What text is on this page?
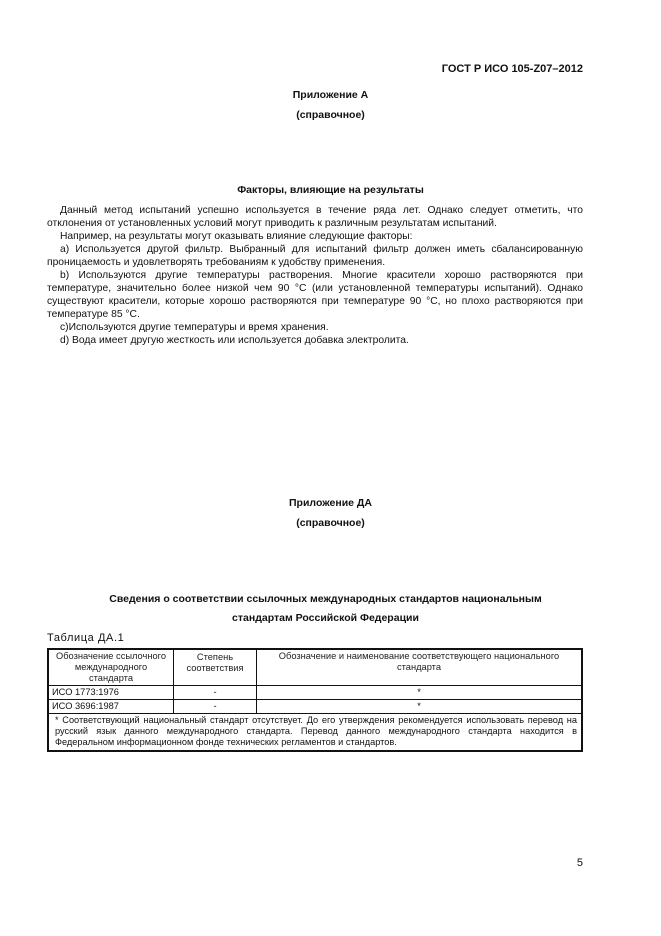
ГОСТ Р ИСО 105-Z07–2012
Приложение А
(справочное)
Факторы, влияющие на результаты

Данный метод испытаний успешно используется в течение ряда лет. Однако следует отметить, что отклонения от установленных условий могут приводить к различным результатам испытаний.

Например, на результаты могут оказывать влияние следующие факторы:

а) Используется другой фильтр. Выбранный для испытаний фильтр должен иметь сбалансированную проницаемость и удовлетворять требованиям к удобству применения.

b) Используются другие температуры растворения. Многие красители хорошо растворяются при температуре, значительно более низкой чем 90 °С (или установленной температуры испытаний). Однако существуют красители, которые хорошо растворяются при температуре 90 °С, но плохо растворяются при температуре 85 °С.

с)Используются другие температуры и время хранения.

d) Вода имеет другую жесткость или используется добавка электролита.

Приложение ДА
(справочное)
Сведения о соответствии ссылочных международных стандартов национальным
стандартам Российской Федерации
Таблица ДА.1
Обозначение ссылочного международного стандарта	Степень соответствия	Обозначение и наименование соответствующего национального стандарта
ИСО 1773:1976	-	*
ИСО 3696:1987	-	*
* Соответствующий национальный стандарт отсутствует. До его утверждения рекомендуется использовать перевод на русский язык данного международного стандарта. Перевод данного международного стандарта находится в Федеральном информационном фонде технических регламентов и стандартов.		
5
